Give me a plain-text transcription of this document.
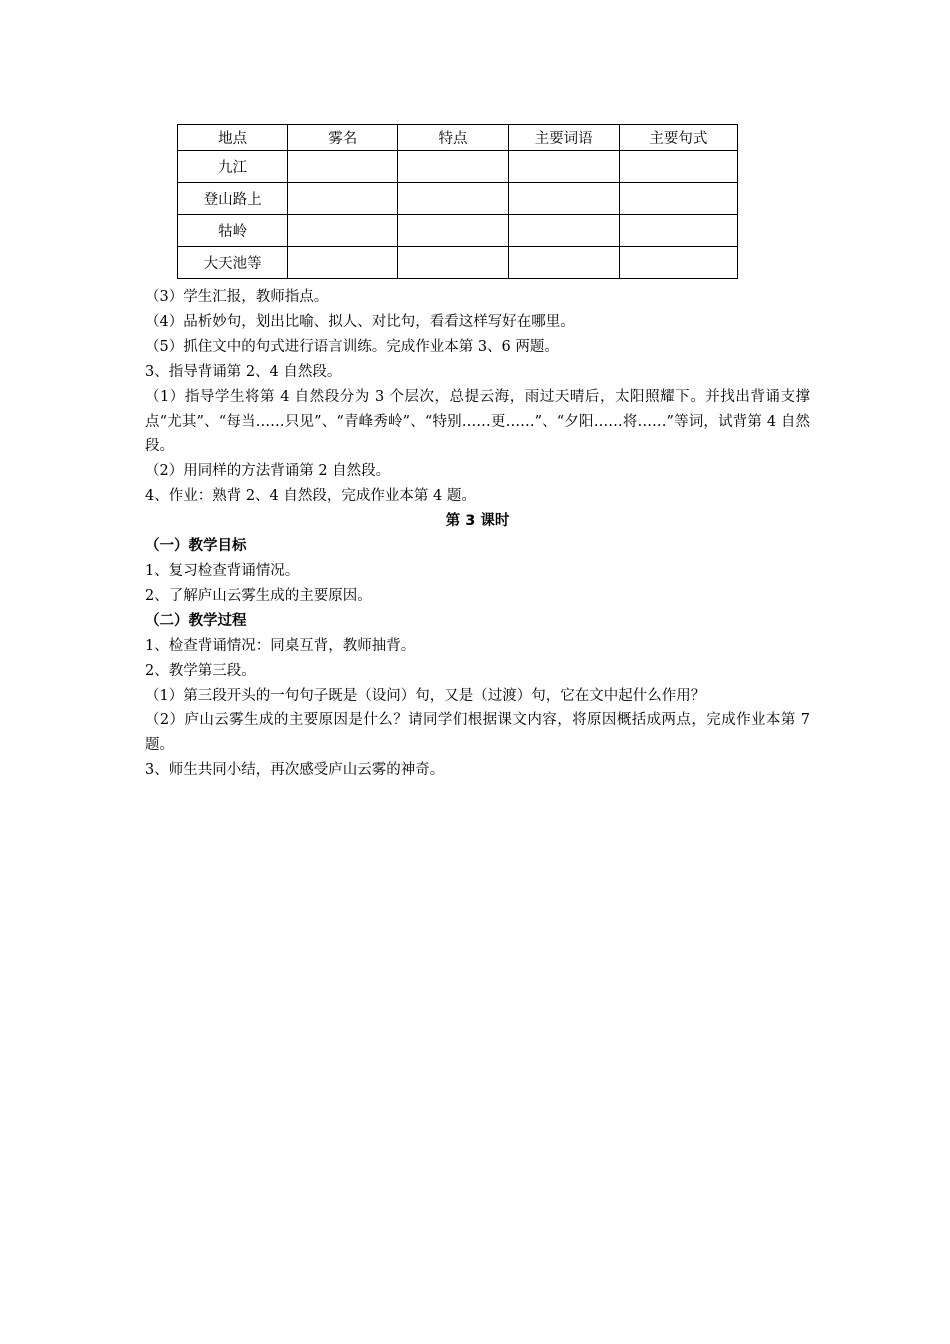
地点	雾名	特点	主要词语	主要句式
九江				
登山路上				
牯岭				
大天池等				

（3）学生汇报，教师指点。

（4）品析妙句，划出比喻、拟人、对比句，看看这样写好在哪里。

（5）抓住文中的句式进行语言训练。完成作业本第 3、6 两题。

3、指导背诵第 2、4 自然段。

（1）指导学生将第 4 自然段分为 3 个层次，总提云海，雨过天晴后，太阳照耀下。并找出背诵支撑点“尤其”、“每当……只见”、“青峰秀岭”、“特别……更……”、“夕阳……将……”等词，试背第 4 自然段。

（2）用同样的方法背诵第 2 自然段。

4、作业：熟背 2、4 自然段，完成作业本第 4 题。

第 3 课时

（一）教学目标

1、复习检查背诵情况。

2、了解庐山云雾生成的主要原因。

（二）教学过程

1、检查背诵情况：同桌互背，教师抽背。

2、教学第三段。

（1）第三段开头的一句句子既是（设问）句，又是（过渡）句，它在文中起什么作用？

（2）庐山云雾生成的主要原因是什么？请同学们根据课文内容，将原因概括成两点，完成作业本第 7 题。

3、师生共同小结，再次感受庐山云雾的神奇。
